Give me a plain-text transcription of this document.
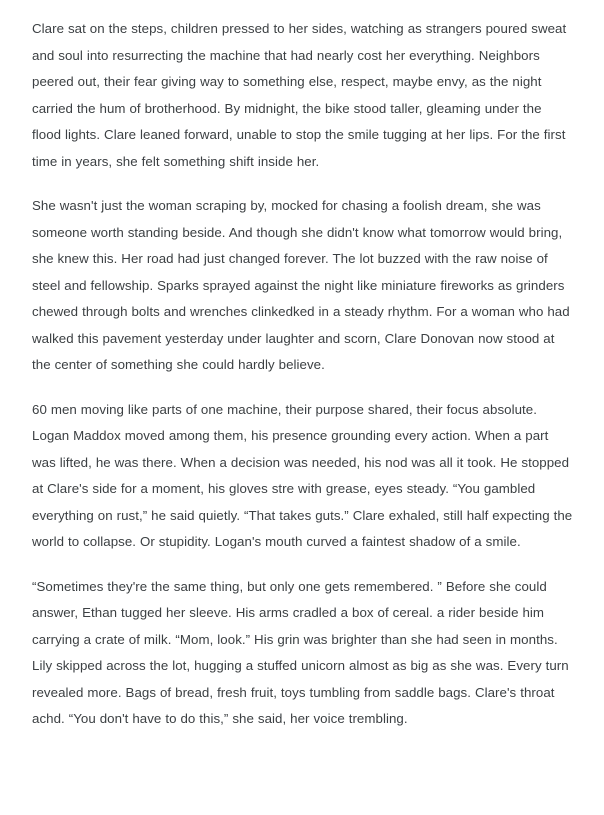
Clare sat on the steps, children pressed to her sides, watching as strangers poured sweat and soul into resurrecting the machine that had nearly cost her everything. Neighbors peered out, their fear giving way to something else, respect, maybe envy, as the night carried the hum of brotherhood. By midnight, the bike stood taller, gleaming under the flood lights. Clare leaned forward, unable to stop the smile tugging at her lips. For the first time in years, she felt something shift inside her.

She wasn't just the woman scraping by, mocked for chasing a foolish dream, she was someone worth standing beside. And though she didn't know what tomorrow would bring, she knew this. Her road had just changed forever. The lot buzzed with the raw noise of steel and fellowship. Sparks sprayed against the night like miniature fireworks as grinders chewed through bolts and wrenches clinkedked in a steady rhythm. For a woman who had walked this pavement yesterday under laughter and scorn, Clare Donovan now stood at the center of something she could hardly believe.

60 men moving like parts of one machine, their purpose shared, their focus absolute. Logan Maddox moved among them, his presence grounding every action. When a part was lifted, he was there. When a decision was needed, his nod was all it took. He stopped at Clare's side for a moment, his gloves stre with grease, eyes steady. “You gambled everything on rust,” he said quietly. “That takes guts.” Clare exhaled, still half expecting the world to collapse. Or stupidity. Logan's mouth curved a faintest shadow of a smile.

“Sometimes they're the same thing, but only one gets remembered. ” Before she could answer, Ethan tugged her sleeve. His arms cradled a box of cereal. a rider beside him carrying a crate of milk. “Mom, look.” His grin was brighter than she had seen in months. Lily skipped across the lot, hugging a stuffed unicorn almost as big as she was. Every turn revealed more. Bags of bread, fresh fruit, toys tumbling from saddle bags. Clare's throat achd. “You don't have to do this,” she said, her voice trembling.
